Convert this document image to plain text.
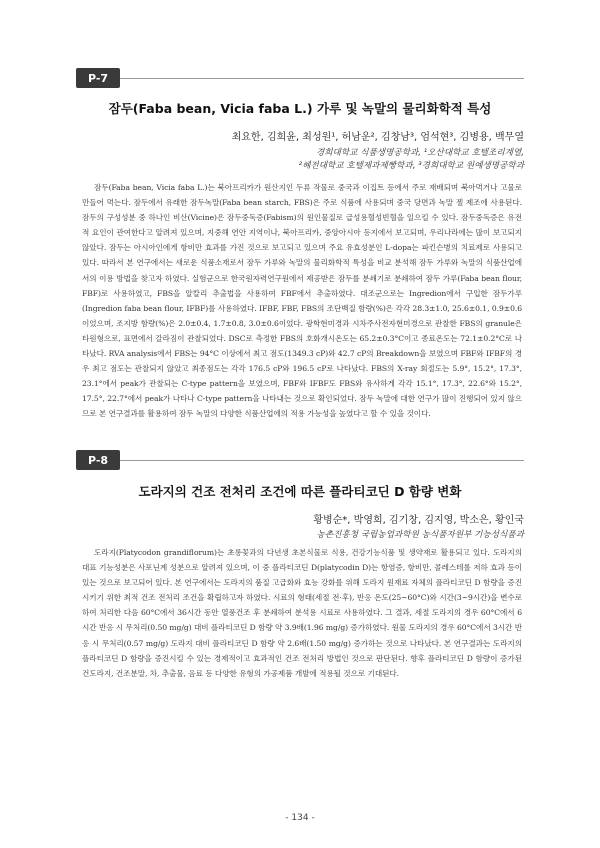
P-7
잠두(Faba bean, Vicia faba L.) 가루 및 녹말의 물리화학적 특성
최요한, 김희윤, 최성원¹, 허남운², 김창남³, 엄석현³, 김병용, 백무열
경희대학교 식품생명공학과, ¹오산대학교 호텔조리계열,
²혜전대학교 호텔제과제빵학과, ³경희대학교 원예생명공학과
잠두(Faba bean, Vicia faba L.)는 북아프리카가 원산지인 두류 작물로 중국과 이집트 등에서 주로 재배되며 북아먹거나 고물로 만들어 먹는다. 잠두에서 유래한 잠두녹말(Faba bean starch, FBS)은 주로 식품에 사용되며 중국 당면과 녹말 젤 제조에 사용된다. 잠두의 구성성분 중 하나인 비산(Vicine)은 잠두중독증(Fabism)의 원인물질로 급성용혈성빈혈을 일으킬 수 있다. 잠두중독증은 유전적 요인이 관여한다고 알려져 있으며, 지중해 연안 지역이나, 북아프리카, 중앙아시아 등지에서 보고되며, 우리나라에는 많이 보고되지 않았다. 잠두는 아시아인에게 항비만 효과를 가진 것으로 보고되고 있으며 주요 유효성분인 L-dopa는 파킨슨병의 치료제로 사용되고 있다. 따라서 본 연구에서는 새로운 식품소재로서 잠두 가루와 녹말의 물리화학적 특성을 비교 분석해 잠두 가루와 녹말의 식품산업에서의 이용 방법을 찾고자 하였다. 실험군으로 한국원자력연구원에서 제공받은 잠두를 분쇄기로 분쇄하여 잠두 가루(Faba bean flour, FBF)로 사용하였고, FBS을 알칼리 추출법을 사용하여 FBF에서 추출하였다. 대조군으로는 Ingredion에서 구입한 잠두가루(Ingredion faba bean flour, IFBF)를 사용하였다. IFBF, FBF, FBS의 조단백질 함량(%)은 각각 28.3±1.0, 25.6±0.1, 0.9±0.6이었으며, 조지방 함량(%)은 2.0±0.4, 1.7±0.8, 3.0±0.6이었다. 광학현미경과 시차주사전자현미경으로 관찰한 FBS의 granule은 타원형으로, 표면에서 갈라짐이 관찰되었다. DSC로 측정한 FBS의 호화개시온도는 65.2±0.3°C이고 종료온도는 72.1±0.2°C로 나타났다. RVA analysis에서 FBS는 94°C 이상에서 최고 점도(1349.3 cP)와 42.7 cP의 Breakdown을 보였으며 FBF와 IFBF의 경우 최고 점도는 관찰되지 않았고 최종점도는 각각 176.5 cP와 196.5 cP로 나타났다. FBS의 X-ray 회절도는 5.9°, 15.2°, 17.3°, 23.1°에서 peak가 관찰되는 C-type pattern을 보였으며, FBF와 IFBF도 FBS와 유사하게 각각 15.1°, 17.3°, 22.6°와 15.2°, 17.5°, 22.7°에서 peak가 나타나 C-type pattern을 나타내는 것으로 확인되었다. 잠두 녹말에 대한 연구가 많이 진행되어 있지 않으므로 본 연구결과를 활용하여 잠두 녹말의 다양한 식품산업에의 적용 가능성을 높였다고 할 수 있을 것이다.
P-8
도라지의 건조 전처리 조건에 따른 플라티코딘 D 함량 변화
황병순*, 박영희, 김기창, 김지영, 박소은, 황인국
농촌진흥청 국립농업과학원 농식품자원부 기능성식품과
도라지(Platycodon grandiflorum)는 초롱꽃과의 다년생 초본식물로 식용, 건강기능식품 및 생약재로 활용되고 있다. 도라지의 대표 기능성분은 사포닌계 성분으로 알려져 있으며, 이 중 플라티코딘 D(platycodin D)는 항염증, 항비만, 콜레스테롤 저하 효과 등이 있는 것으로 보고되어 있다. 본 연구에서는 도라지의 품질 고급화와 효능 강화를 위해 도라지 원재료 자체의 플라티코딘 D 함량을 증진시키기 위한 최적 건조 전처리 조건을 확립하고자 하였다. 시료의 형태(세절 전·후), 반응 온도(25~60°C)와 시간(3~9시간)을 변수로 하여 처리한 다음 60°C에서 36시간 동안 열풍건조 후 분쇄하여 분석용 시료로 사용하였다. 그 결과, 세절 도라지의 경우 60°C에서 6시간 반응 시 무처리(0.50 mg/g) 대비 플라티코딘 D 함량 약 3.9배(1.96 mg/g) 증가하였다. 원물 도라지의 경우 60°C에서 3시간 반응 시 무처리(0.57 mg/g) 도라지 대비 플라티코딘 D 함량 약 2.6배(1.50 mg/g) 증가하는 것으로 나타났다. 본 연구결과는 도라지의 플라티코딘 D 함량을 증진시킬 수 있는 경제적이고 효과적인 건조 전처리 방법인 것으로 판단된다. 향후 플라티코딘 D 함량이 증가된 건도라지, 건조분말, 차, 추출물, 음료 등 다양한 유형의 가공제품 개발에 적용될 것으로 기대된다.
- 134 -
